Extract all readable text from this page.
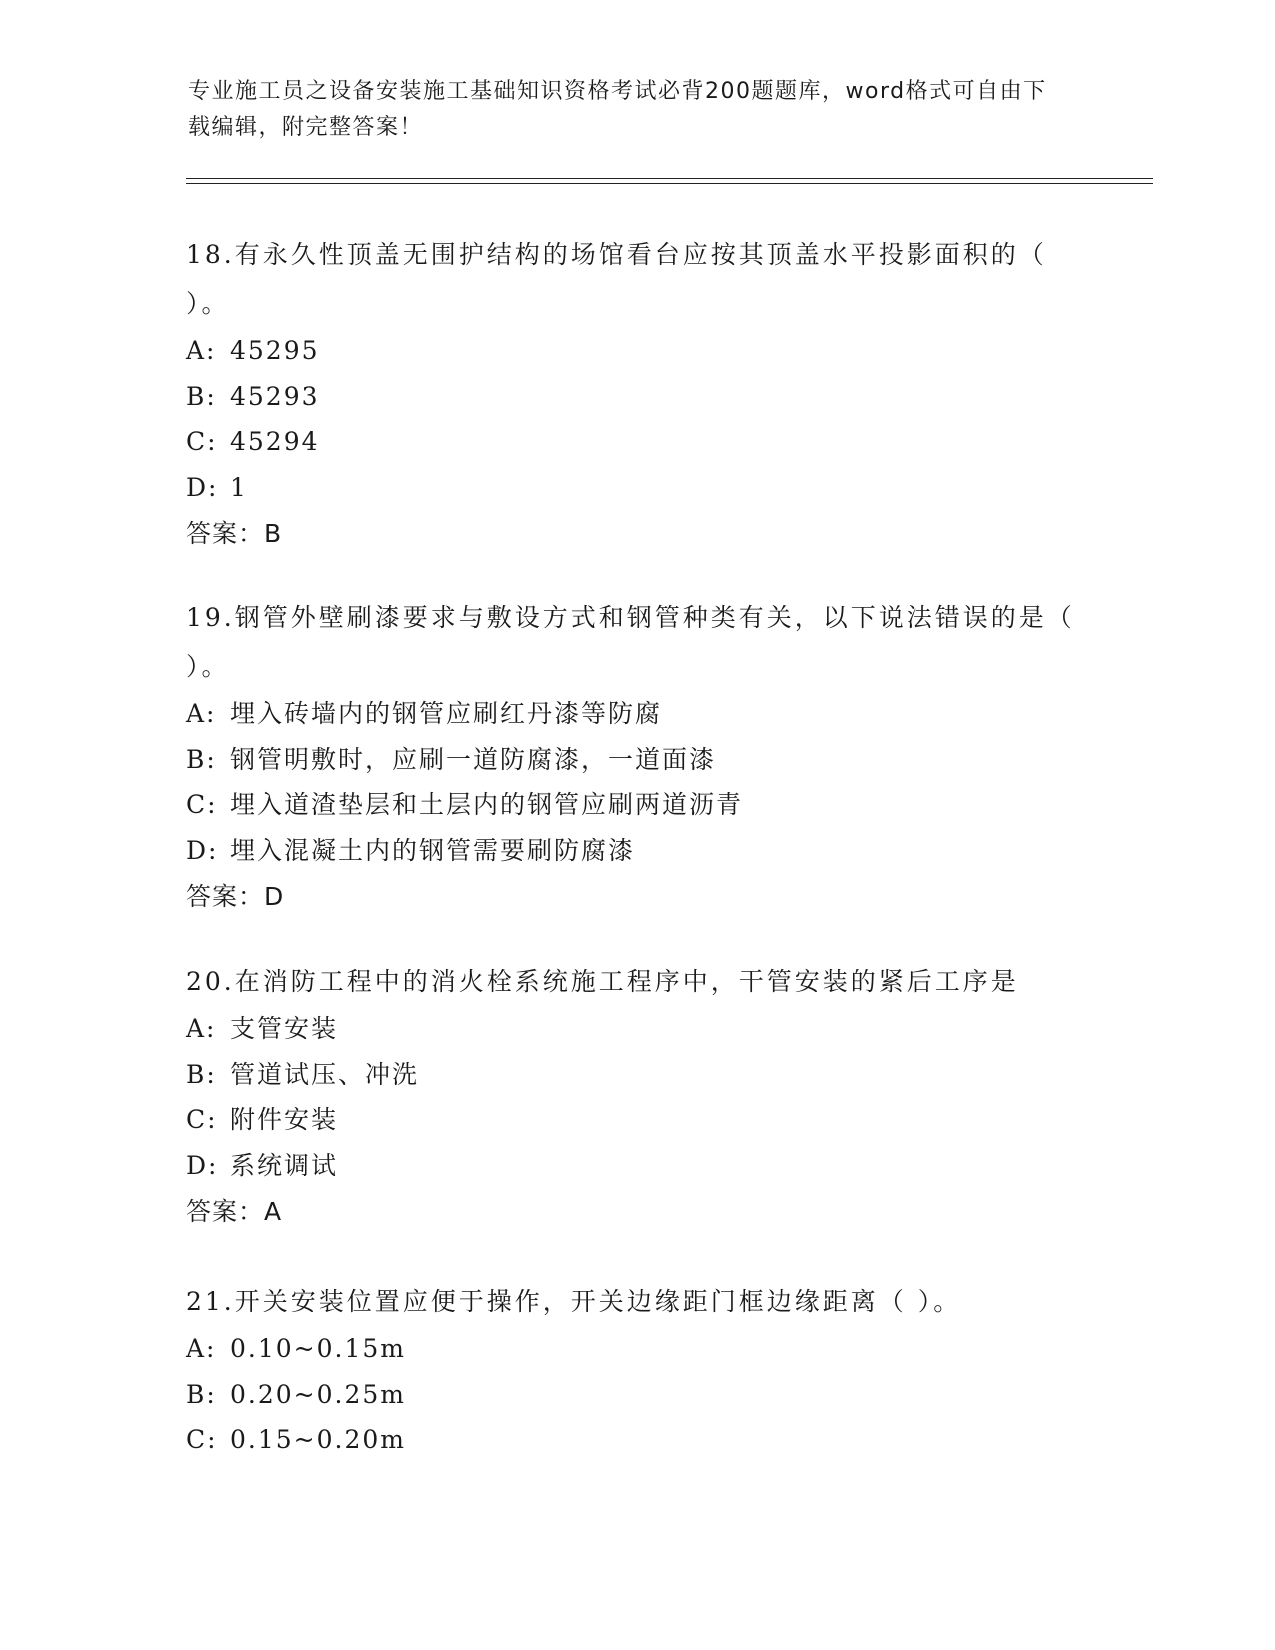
专业施工员之设备安装施工基础知识资格考试必背200题题库，word格式可自由下载编辑，附完整答案！

18.有永久性顶盖无围护结构的场馆看台应按其顶盖水平投影面积的（ ）。

A: 45295

B: 45293

C: 45294

D: 1

答案：B

19.钢管外壁刷漆要求与敷设方式和钢管种类有关，以下说法错误的是（ ）。

A: 埋入砖墙内的钢管应刷红丹漆等防腐

B: 钢管明敷时，应刷一道防腐漆，一道面漆

C: 埋入道渣垫层和土层内的钢管应刷两道沥青

D: 埋入混凝土内的钢管需要刷防腐漆

答案：D

20.在消防工程中的消火栓系统施工程序中，干管安装的紧后工序是

A: 支管安装

B: 管道试压、冲洗

C: 附件安装

D: 系统调试

答案：A

21.开关安装位置应便于操作，开关边缘距门框边缘距离（ ）。

A: 0.10~0.15m

B: 0.20~0.25m

C: 0.15~0.20m
